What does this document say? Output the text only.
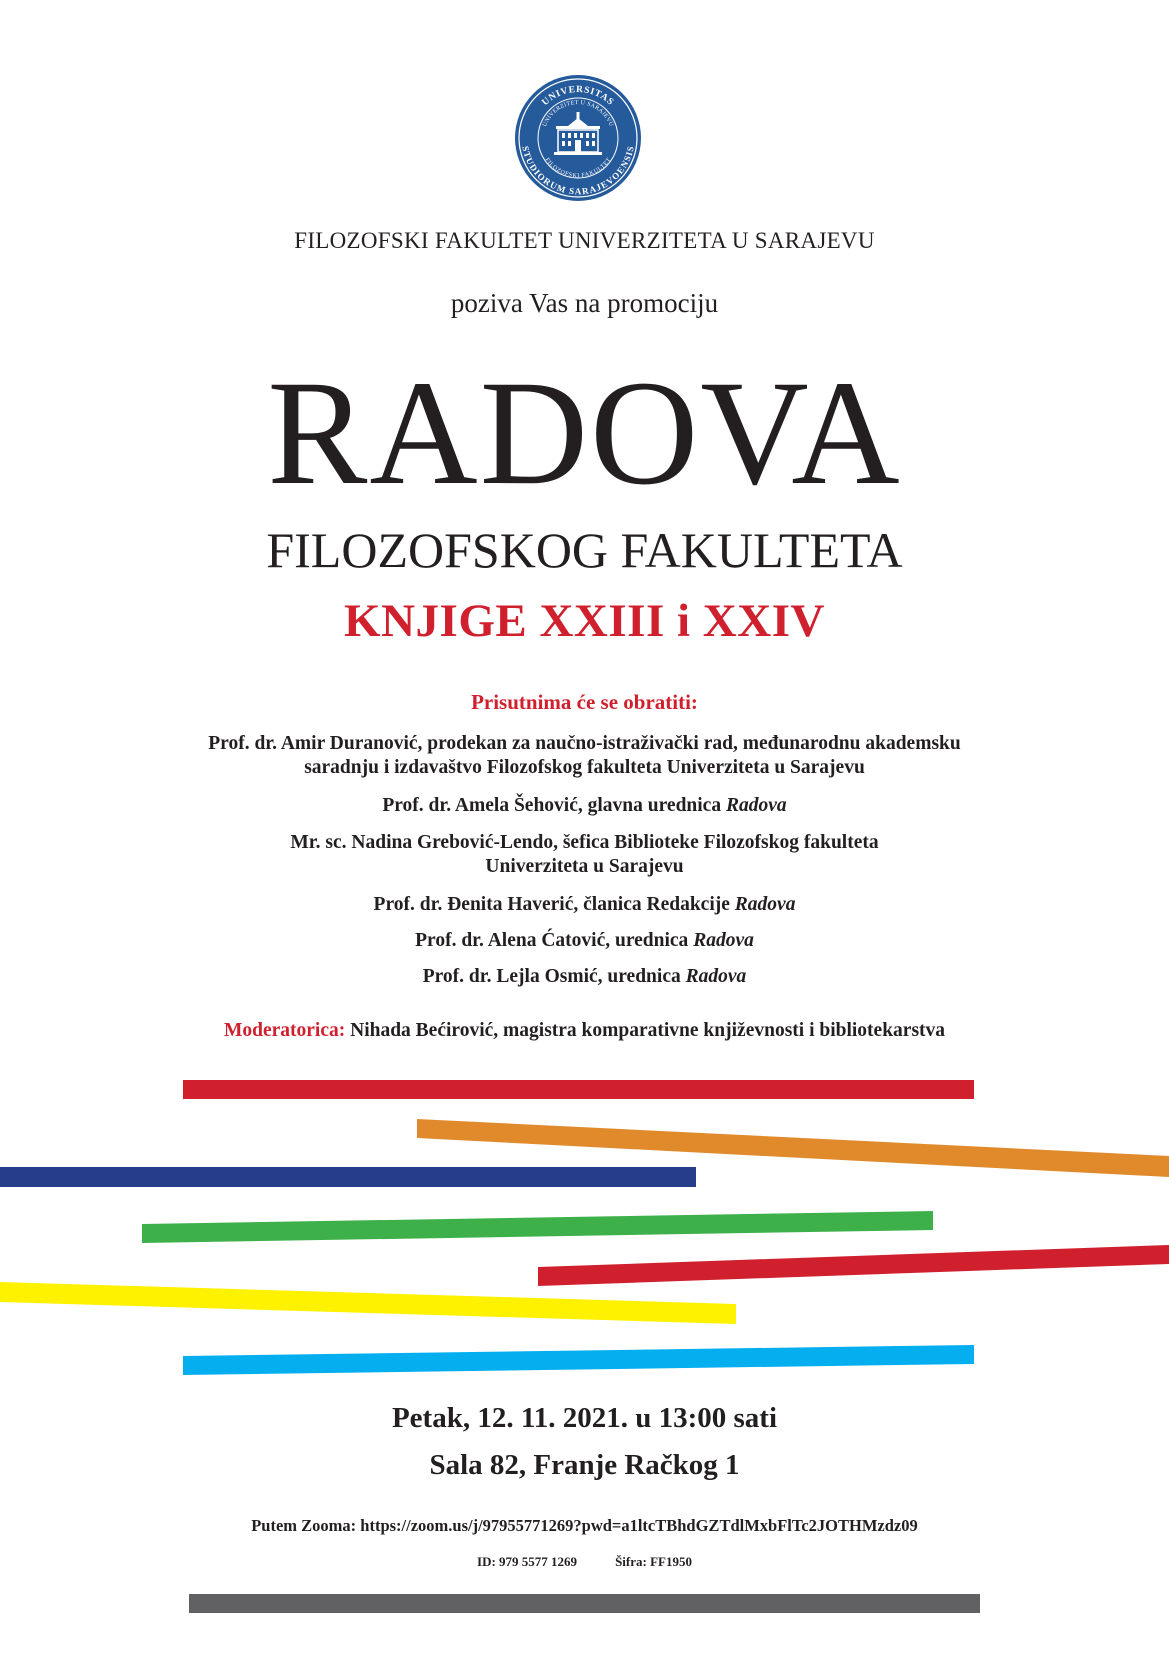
UNIVERSITAS
STUDIORUM SARAJEVOENSIS
UNIVERZITET U SARAJEVU
FILOZOFSKI FAKULTET
FILOZOFSKI FAKULTET UNIVERZITETA U SARAJEVU
poziva Vas na promociju
RADOVA
FILOZOFSKOG FAKULTETA
KNJIGE XXIII i XXIV
Prisutnima će se obratiti:
Prof. dr. Amir Duranović, prodekan za naučno-istraživački rad, međunarodnu akademsku
saradnju i izdavaštvo Filozofskog fakulteta Univerziteta u Sarajevu
Prof. dr. Amela Šehović, glavna urednica Radova
Mr. sc. Nadina Grebović-Lendo, šefica Biblioteke Filozofskog fakulteta
Univerziteta u Sarajevu
Prof. dr. Đenita Haverić, članica Redakcije Radova
Prof. dr. Alena Ćatović, urednica Radova
Prof. dr. Lejla Osmić, urednica Radova
Moderatorica: Nihada Bećirović, magistra komparativne književnosti i bibliotekarstva
Petak, 12. 11. 2021. u 13:00 sati
Sala 82, Franje Račkog 1
Putem Zooma: https://zoom.us/j/97955771269?pwd=a1ltcTBhdGZTdlMxbFlTc2JOTHMzdz09
ID: 979 5577 1269	Šifra: FF1950
